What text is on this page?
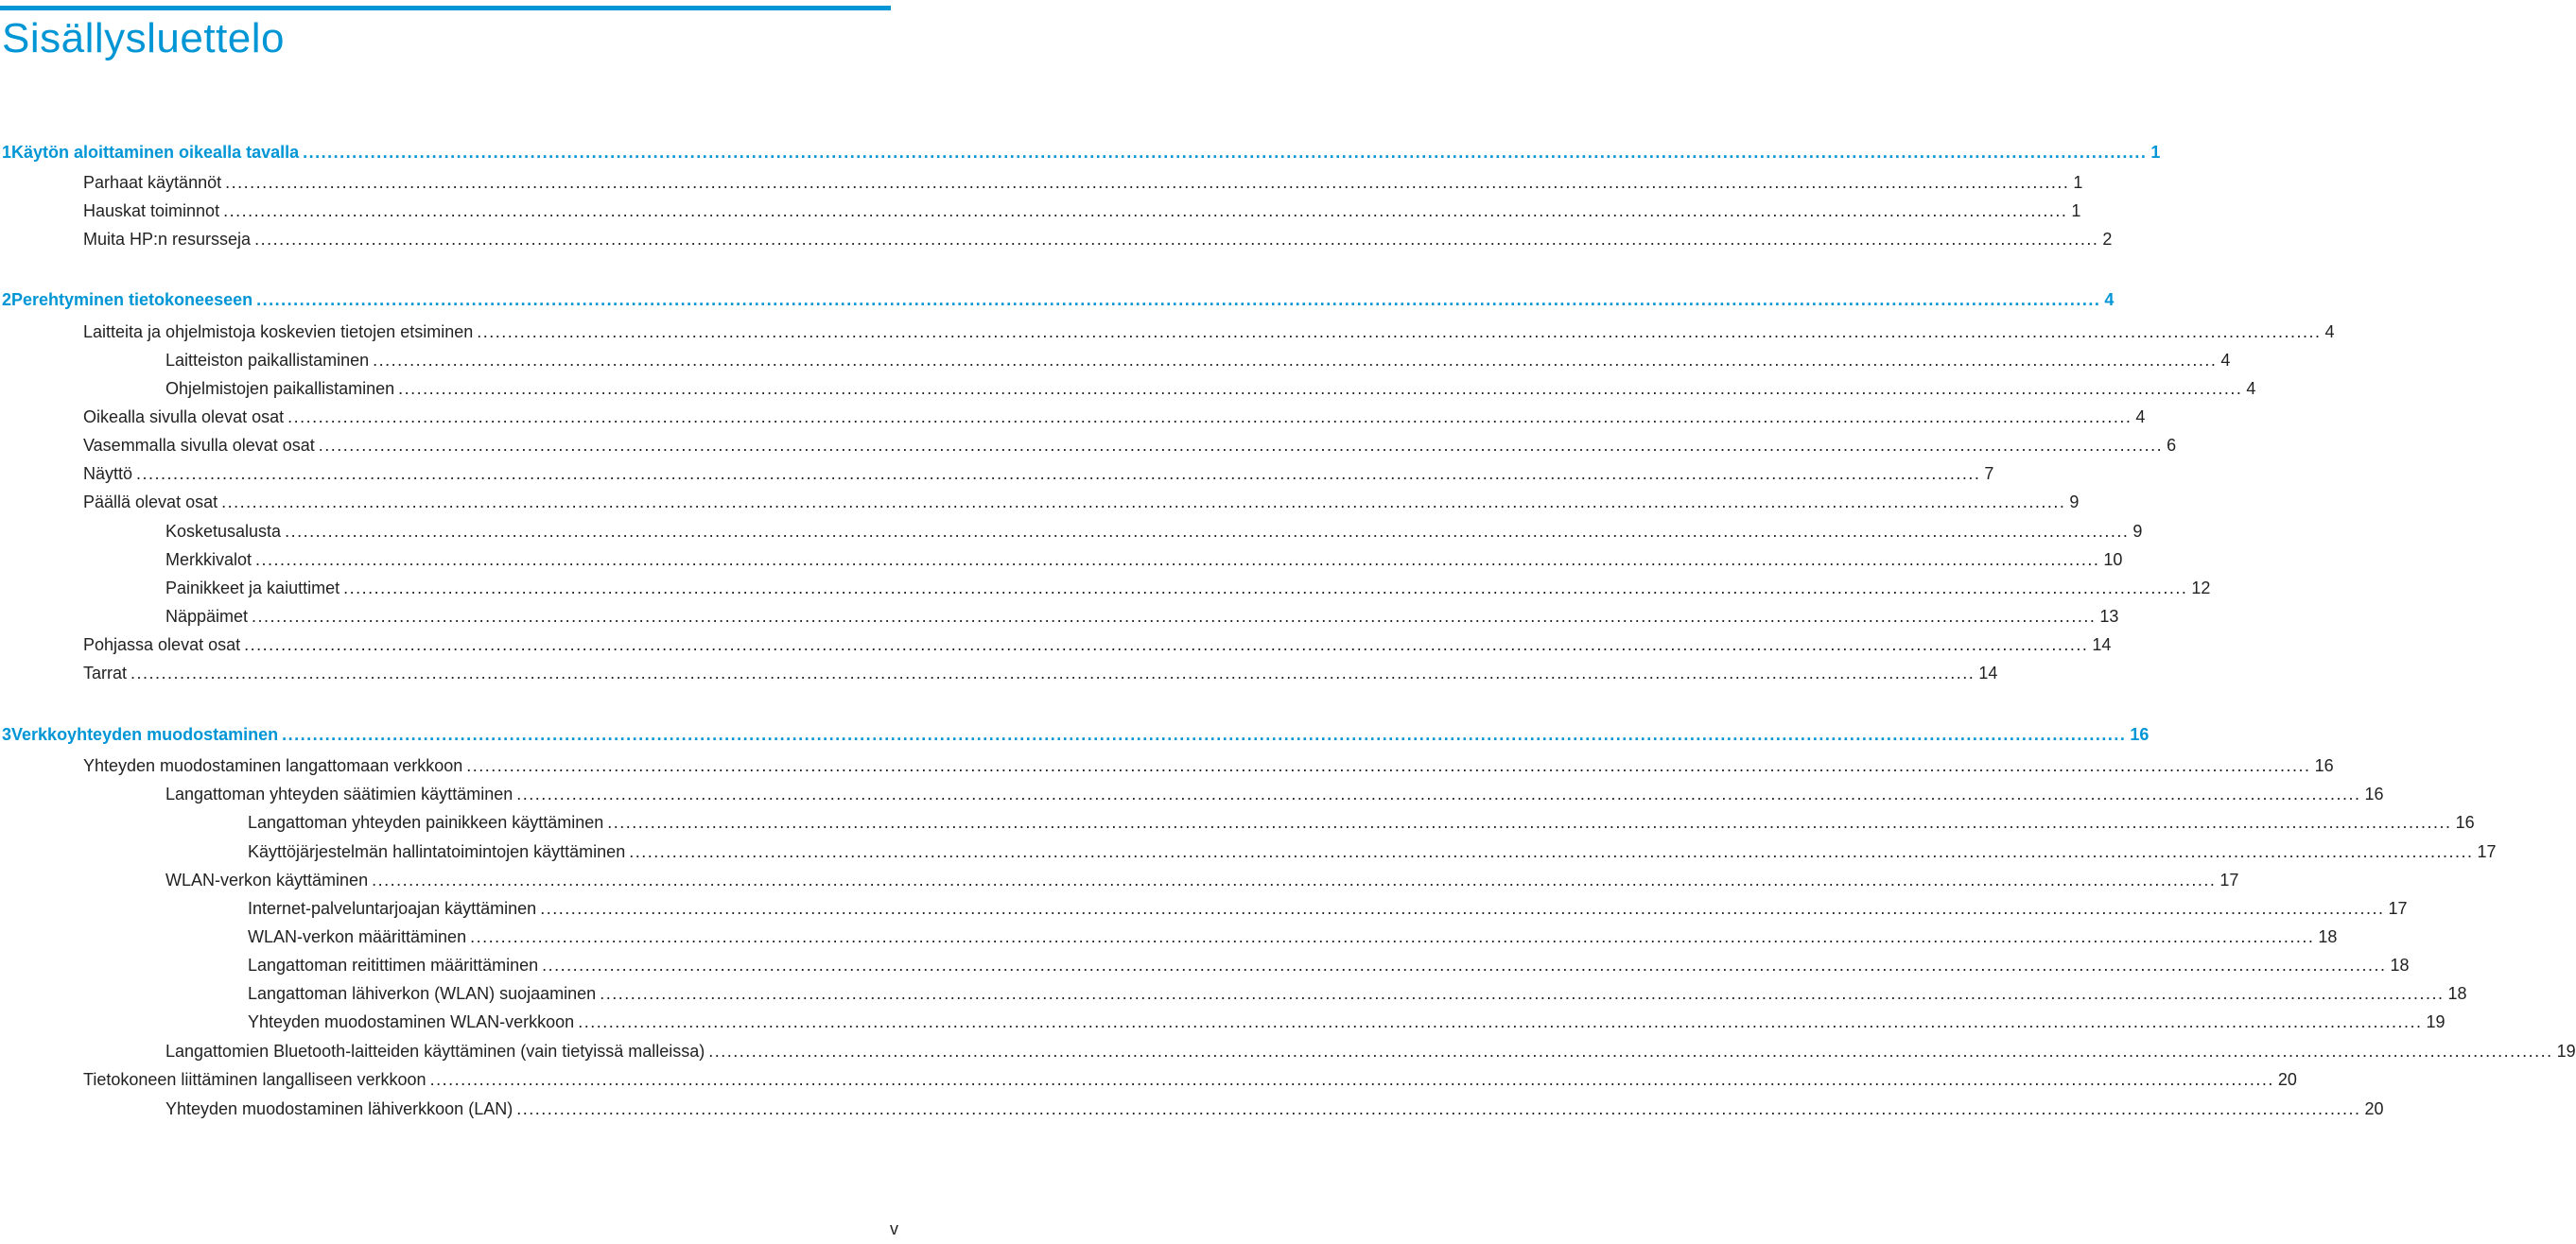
Sisällysluettelo
1 Käytön aloittaminen oikealla tavalla ............................................................................................................................................................................................................................................................................................................ 1
Parhaat käytännöt ............................................................................................................................................................................................................................................................................................................ 1
Hauskat toiminnot ............................................................................................................................................................................................................................................................................................................ 1
Muita HP:n resursseja ............................................................................................................................................................................................................................................................................................................ 2
2 Perehtyminen tietokoneeseen ............................................................................................................................................................................................................................................................................................................ 4
Laitteita ja ohjelmistoja koskevien tietojen etsiminen ............................................................................................................................................................................................................................................................................................................ 4
Laitteiston paikallistaminen ............................................................................................................................................................................................................................................................................................................ 4
Ohjelmistojen paikallistaminen ............................................................................................................................................................................................................................................................................................................ 4
Oikealla sivulla olevat osat ............................................................................................................................................................................................................................................................................................................ 4
Vasemmalla sivulla olevat osat ............................................................................................................................................................................................................................................................................................................ 6
Näyttö ............................................................................................................................................................................................................................................................................................................ 7
Päällä olevat osat ............................................................................................................................................................................................................................................................................................................ 9
Kosketusalusta ............................................................................................................................................................................................................................................................................................................ 9
Merkkivalot ............................................................................................................................................................................................................................................................................................................ 10
Painikkeet ja kaiuttimet ............................................................................................................................................................................................................................................................................................................ 12
Näppäimet ............................................................................................................................................................................................................................................................................................................ 13
Pohjassa olevat osat ............................................................................................................................................................................................................................................................................................................ 14
Tarrat ............................................................................................................................................................................................................................................................................................................ 14
3 Verkkoyhteyden muodostaminen ............................................................................................................................................................................................................................................................................................................ 16
Yhteyden muodostaminen langattomaan verkkoon ............................................................................................................................................................................................................................................................................................................ 16
Langattoman yhteyden säätimien käyttäminen ............................................................................................................................................................................................................................................................................................................ 16
Langattoman yhteyden painikkeen käyttäminen ............................................................................................................................................................................................................................................................................................................ 16
Käyttöjärjestelmän hallintatoimintojen käyttäminen ............................................................................................................................................................................................................................................................................................................ 17
WLAN-verkon käyttäminen ............................................................................................................................................................................................................................................................................................................ 17
Internet-palveluntarjoajan käyttäminen ............................................................................................................................................................................................................................................................................................................ 17
WLAN-verkon määrittäminen ............................................................................................................................................................................................................................................................................................................ 18
Langattoman reitittimen määrittäminen ............................................................................................................................................................................................................................................................................................................ 18
Langattoman lähiverkon (WLAN) suojaaminen ............................................................................................................................................................................................................................................................................................................ 18
Yhteyden muodostaminen WLAN-verkkoon ............................................................................................................................................................................................................................................................................................................ 19
Langattomien Bluetooth-laitteiden käyttäminen (vain tietyissä malleissa) ............................................................................................................................................................................................................................................................................................................ 19
Tietokoneen liittäminen langalliseen verkkoon ............................................................................................................................................................................................................................................................................................................ 20
Yhteyden muodostaminen lähiverkkoon (LAN) ............................................................................................................................................................................................................................................................................................................ 20
v
